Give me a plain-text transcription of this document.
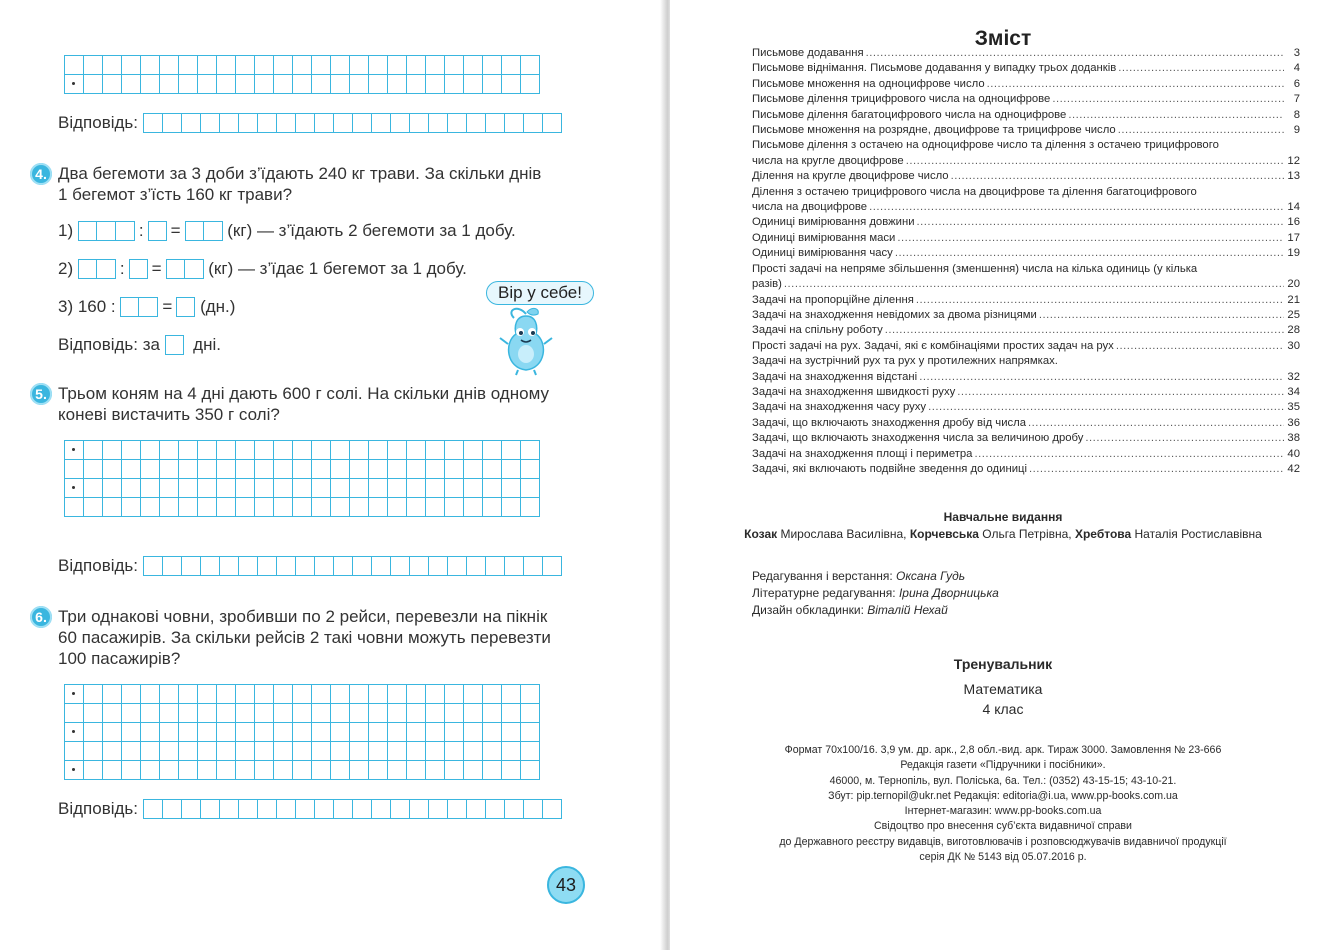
Відповідь:
4. Два бегемоти за 3 доби з’їдають 240 кг трави. За скільки днів
1 бегемот з’їсть 160 кг трави?
1)
	: =
	(кг) — з’їдають 2 бегемоти за 1 добу.
2)
	: =
	(кг) — з’їдає 1 бегемот за 1 добу.
3) 160 :
	=
(дн.)
Відповідь: за

дні.
Вір у себе!
5. Трьом коням на 4 дні дають 600 г солі. На скільки днів одному
коневі вистачить 350 г солі?
Відповідь:
6. Три однакові човни, зробивши по 2 рейси, перевезли на пікнік
60 пасажирів. За скільки рейсів 2 такі човни можуть перевезти
100 пасажирів?
Відповідь:
43
Зміст
Письмове додавання .....	3
Письмове віднімання. Письмове додавання у випадку трьох доданків .....	4
Письмове множення на одноцифрове число .....	6
Письмове ділення трицифрового числа на одноцифрове .....	7
Письмове ділення багатоцифрового числа на одноцифрове .....	8
Письмове множення на розрядне, двоцифрове та трицифрове число .....	9
Письмове ділення з остачею на одноцифрове число та ділення з остачею трицифрового
числа на кругле двоцифрове .....	12
Ділення на кругле двоцифрове число .....	13
Ділення з остачею трицифрового числа на двоцифрове та ділення багатоцифрового
числа на двоцифрове .....	14
Одиниці вимірювання довжини .....	16
Одиниці вимірювання маси .....	17
Одиниці вимірювання часу .....	19
Прості задачі на непряме збільшення (зменшення) числа на кілька одиниць (у кілька
разів) .....	20
Задачі на пропорційне ділення .....	21
Задачі на знаходження невідомих за двома різницями .....	25
Задачі на спільну роботу .....	28
Прості задачі на рух. Задачі, які є комбінаціями простих задач на рух .....	30
Задачі на зустрічний рух та рух у протилежних напрямках.
Задачі на знаходження відстані .....	32
Задачі на знаходження швидкості руху .....	34
Задачі на знаходження часу руху .....	35
Задачі, що включають знаходження дробу від числа .....	36
Задачі, що включають знаходження числа за величиною дробу .....	38
Задачі на знаходження площі і периметра .....	40
Задачі, які включають подвійне зведення до одиниці .....	42
Навчальне видання
Козак Мирослава Василівна, Корчевська Ольга Петрівна, Хребтова Наталія Ростиславівна
Редагування і верстання: Оксана Гудь
Літературне редагування: Ірина Дворницька
Дизайн обкладинки: Віталій Нехай
Тренувальник
Математика
4 клас
Формат 70x100/16. 3,9 ум. др. арк., 2,8 обл.-вид. арк. Тираж 3000. Замовлення № 23-666
Редакція газети «Підручники і посібники».
46000, м. Тернопіль, вул. Поліська, 6а. Тел.: (0352) 43-15-15; 43-10-21.
Збут: pip.ternopil@ukr.net Редакція: editoria@i.ua, www.pp-books.com.ua
Інтернет-магазин: www.pp-books.com.ua
Свідоцтво про внесення суб’єкта видавничої справи
до Державного реєстру видавців, виготовлювачів і розповсюджувачів видавничої продукції
серія ДК № 5143 від 05.07.2016 р.
